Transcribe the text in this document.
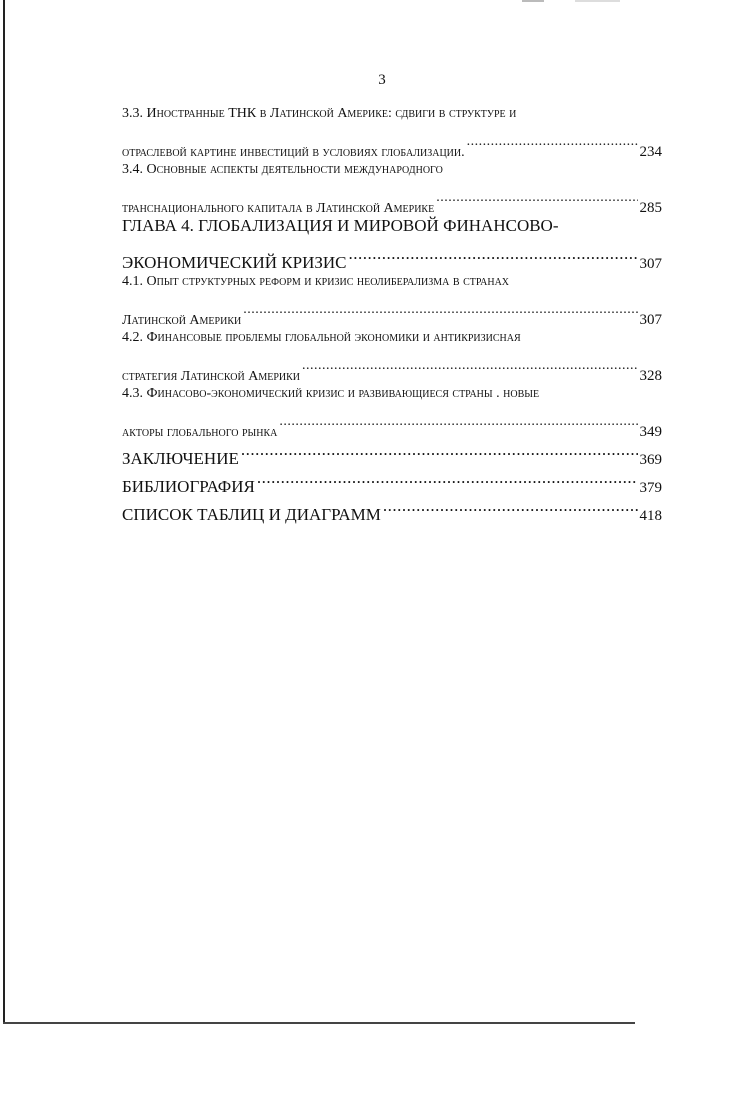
3
3.3. Иностранные ТНК в Латинской Америке: сдвиги в структуре и
отраслевой картине инвестиций в условиях глобализации. .....	234
3.4. Основные аспекты деятельности международного
транснационального капитала в Латинской Америке .....	285
ГЛАВА 4. ГЛОБАЛИЗАЦИЯ И МИРОВОЙ ФИНАНСОВО-
ЭКОНОМИЧЕСКИЙ КРИЗИС .....	307
4.1. Опыт структурных реформ и кризис неолиберализма в странах
Латинской Америки .....	307
4.2. Финансовые проблемы глобальной экономики и антикризисная
стратегия Латинской Америки .....	328
4.3. Финасово-экономический кризис и развивающиеся страны . новые
акторы глобального рынка .....	349
ЗАКЛЮЧЕНИЕ .....	369
БИБЛИОГРАФИЯ .....	379
СПИСОК ТАБЛИЦ И ДИАГРАММ .....	418
